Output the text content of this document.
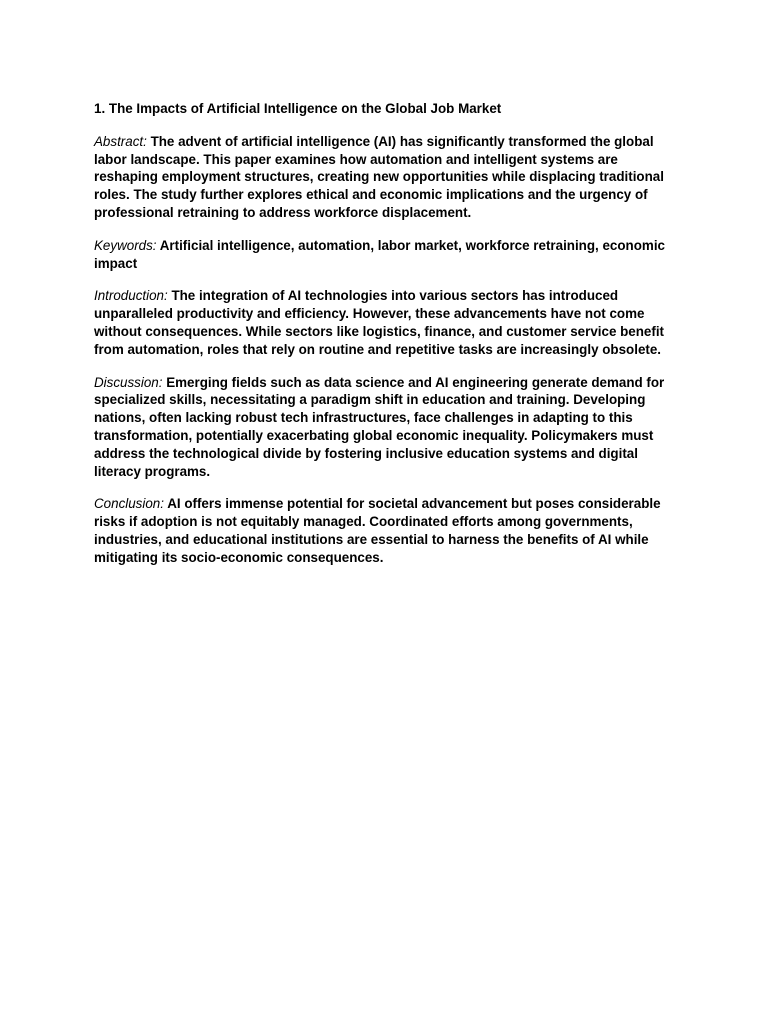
1. The Impacts of Artificial Intelligence on the Global Job Market

Abstract: The advent of artificial intelligence (AI) has significantly transformed the global labor landscape. This paper examines how automation and intelligent systems are reshaping employment structures, creating new opportunities while displacing traditional roles. The study further explores ethical and economic implications and the urgency of professional retraining to address workforce displacement.

Keywords: Artificial intelligence, automation, labor market, workforce retraining, economic impact

Introduction: The integration of AI technologies into various sectors has introduced unparalleled productivity and efficiency. However, these advancements have not come without consequences. While sectors like logistics, finance, and customer service benefit from automation, roles that rely on routine and repetitive tasks are increasingly obsolete.

Discussion: Emerging fields such as data science and AI engineering generate demand for specialized skills, necessitating a paradigm shift in education and training. Developing nations, often lacking robust tech infrastructures, face challenges in adapting to this transformation, potentially exacerbating global economic inequality. Policymakers must address the technological divide by fostering inclusive education systems and digital literacy programs.

Conclusion: AI offers immense potential for societal advancement but poses considerable risks if adoption is not equitably managed. Coordinated efforts among governments, industries, and educational institutions are essential to harness the benefits of AI while mitigating its socio-economic consequences.
